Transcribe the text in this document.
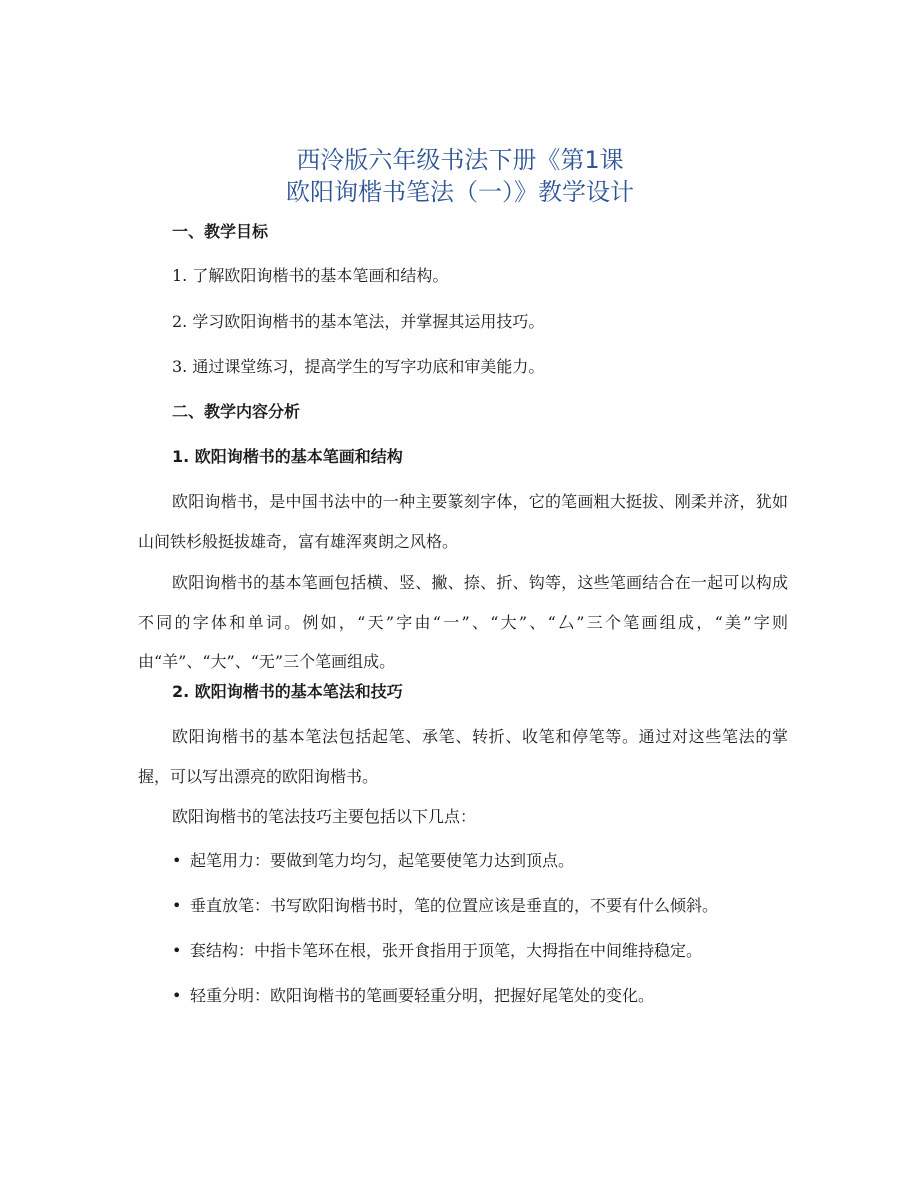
西泠版六年级书法下册《第1课
欧阳询楷书笔法（一）》教学设计
一、教学目标
1. 了解欧阳询楷书的基本笔画和结构。
2. 学习欧阳询楷书的基本笔法，并掌握其运用技巧。
3. 通过课堂练习，提高学生的写字功底和审美能力。
二、教学内容分析
1. 欧阳询楷书的基本笔画和结构
欧阳询楷书，是中国书法中的一种主要篆刻字体，它的笔画粗大挺拔、刚柔并济，犹如山间铁杉般挺拔雄奇，富有雄浑爽朗之风格。
欧阳询楷书的基本笔画包括横、竖、撇、捺、折、钩等，这些笔画结合在一起可以构成不同的字体和单词。例如，“天”字由“一”、“大”、“厶”三个笔画组成，“美”字则由“羊”、“大”、“无”三个笔画组成。
2. 欧阳询楷书的基本笔法和技巧
欧阳询楷书的基本笔法包括起笔、承笔、转折、收笔和停笔等。通过对这些笔法的掌握，可以写出漂亮的欧阳询楷书。
欧阳询楷书的笔法技巧主要包括以下几点：
• 起笔用力：要做到笔力均匀，起笔要使笔力达到顶点。
• 垂直放笔：书写欧阳询楷书时，笔的位置应该是垂直的，不要有什么倾斜。
• 套结构：中指卡笔环在根，张开食指用于顶笔，大拇指在中间维持稳定。
• 轻重分明：欧阳询楷书的笔画要轻重分明，把握好尾笔处的变化。
